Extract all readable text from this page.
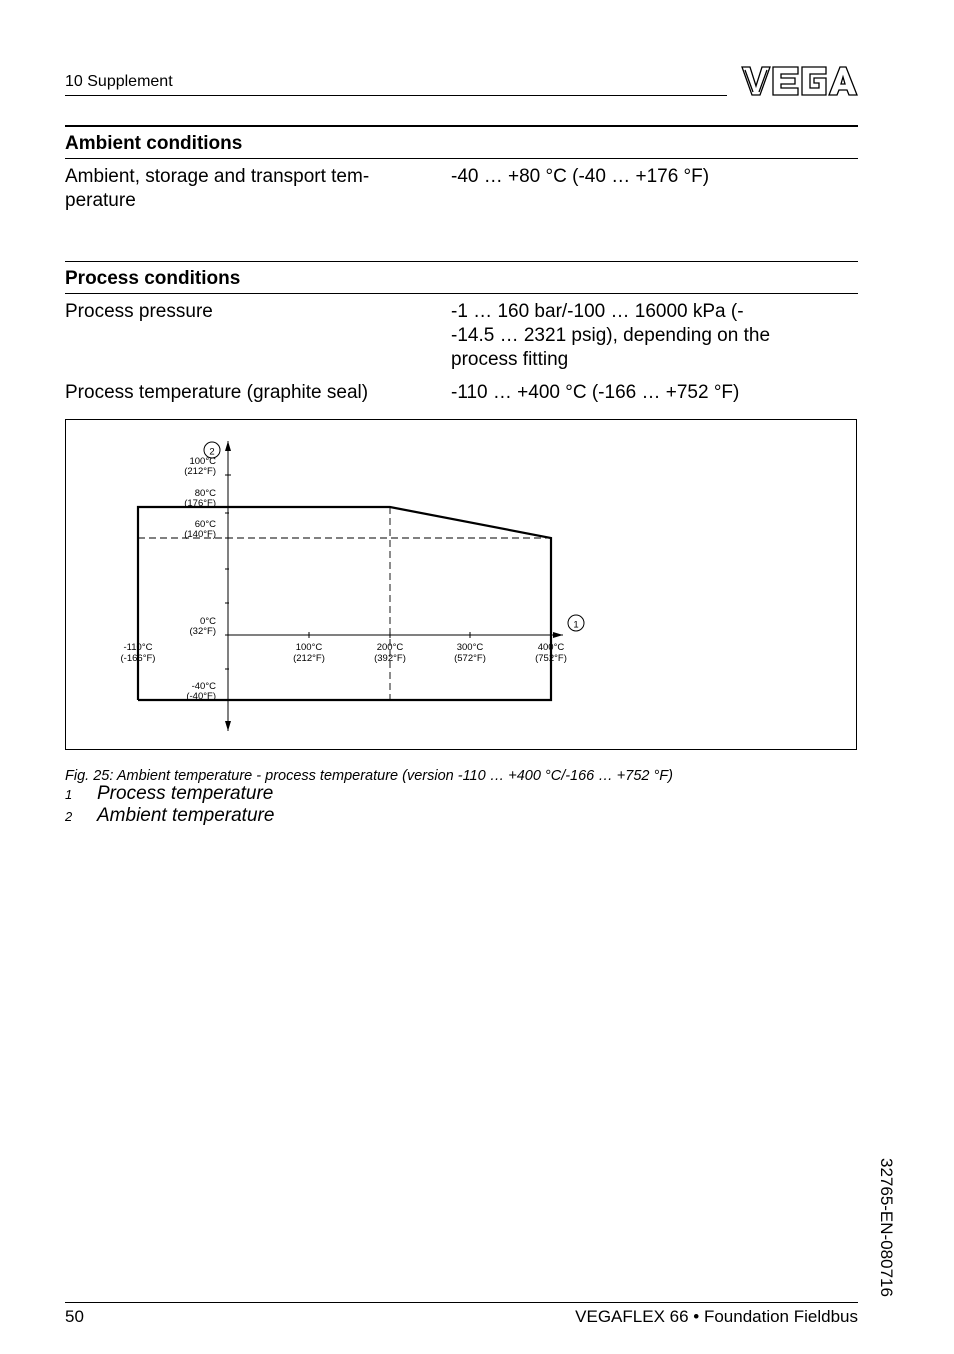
10 Supplement
Ambient conditions
Ambient, storage and transport tem-
perature
-40 … +80 °C (-40 … +176 °F)
Process conditions
Process pressure	-1 … 160 bar/-100 … 16000 kPa (-
-14.5 … 2321 psig), depending on the
process fitting
Process temperature (graphite seal)	-110 … +400 °C (-166 … +752 °F)
100°C
(212°F)
80°C
(176°F)
60°C
(140°F)
0°C
(32°F)
-40°C
(-40°F)
-110°C
(-166°F)
100°C
(212°F)
200°C
(392°F)
300°C
(572°F)
400°C
(752°F)
2
1
Fig. 25: Ambient temperature - process temperature (version -110 … +400 °C/-166 … +752 °F)
1 Process temperature
2 Ambient temperature
32765-EN-080716
50	VEGAFLEX 66 • Foundation Fieldbus
